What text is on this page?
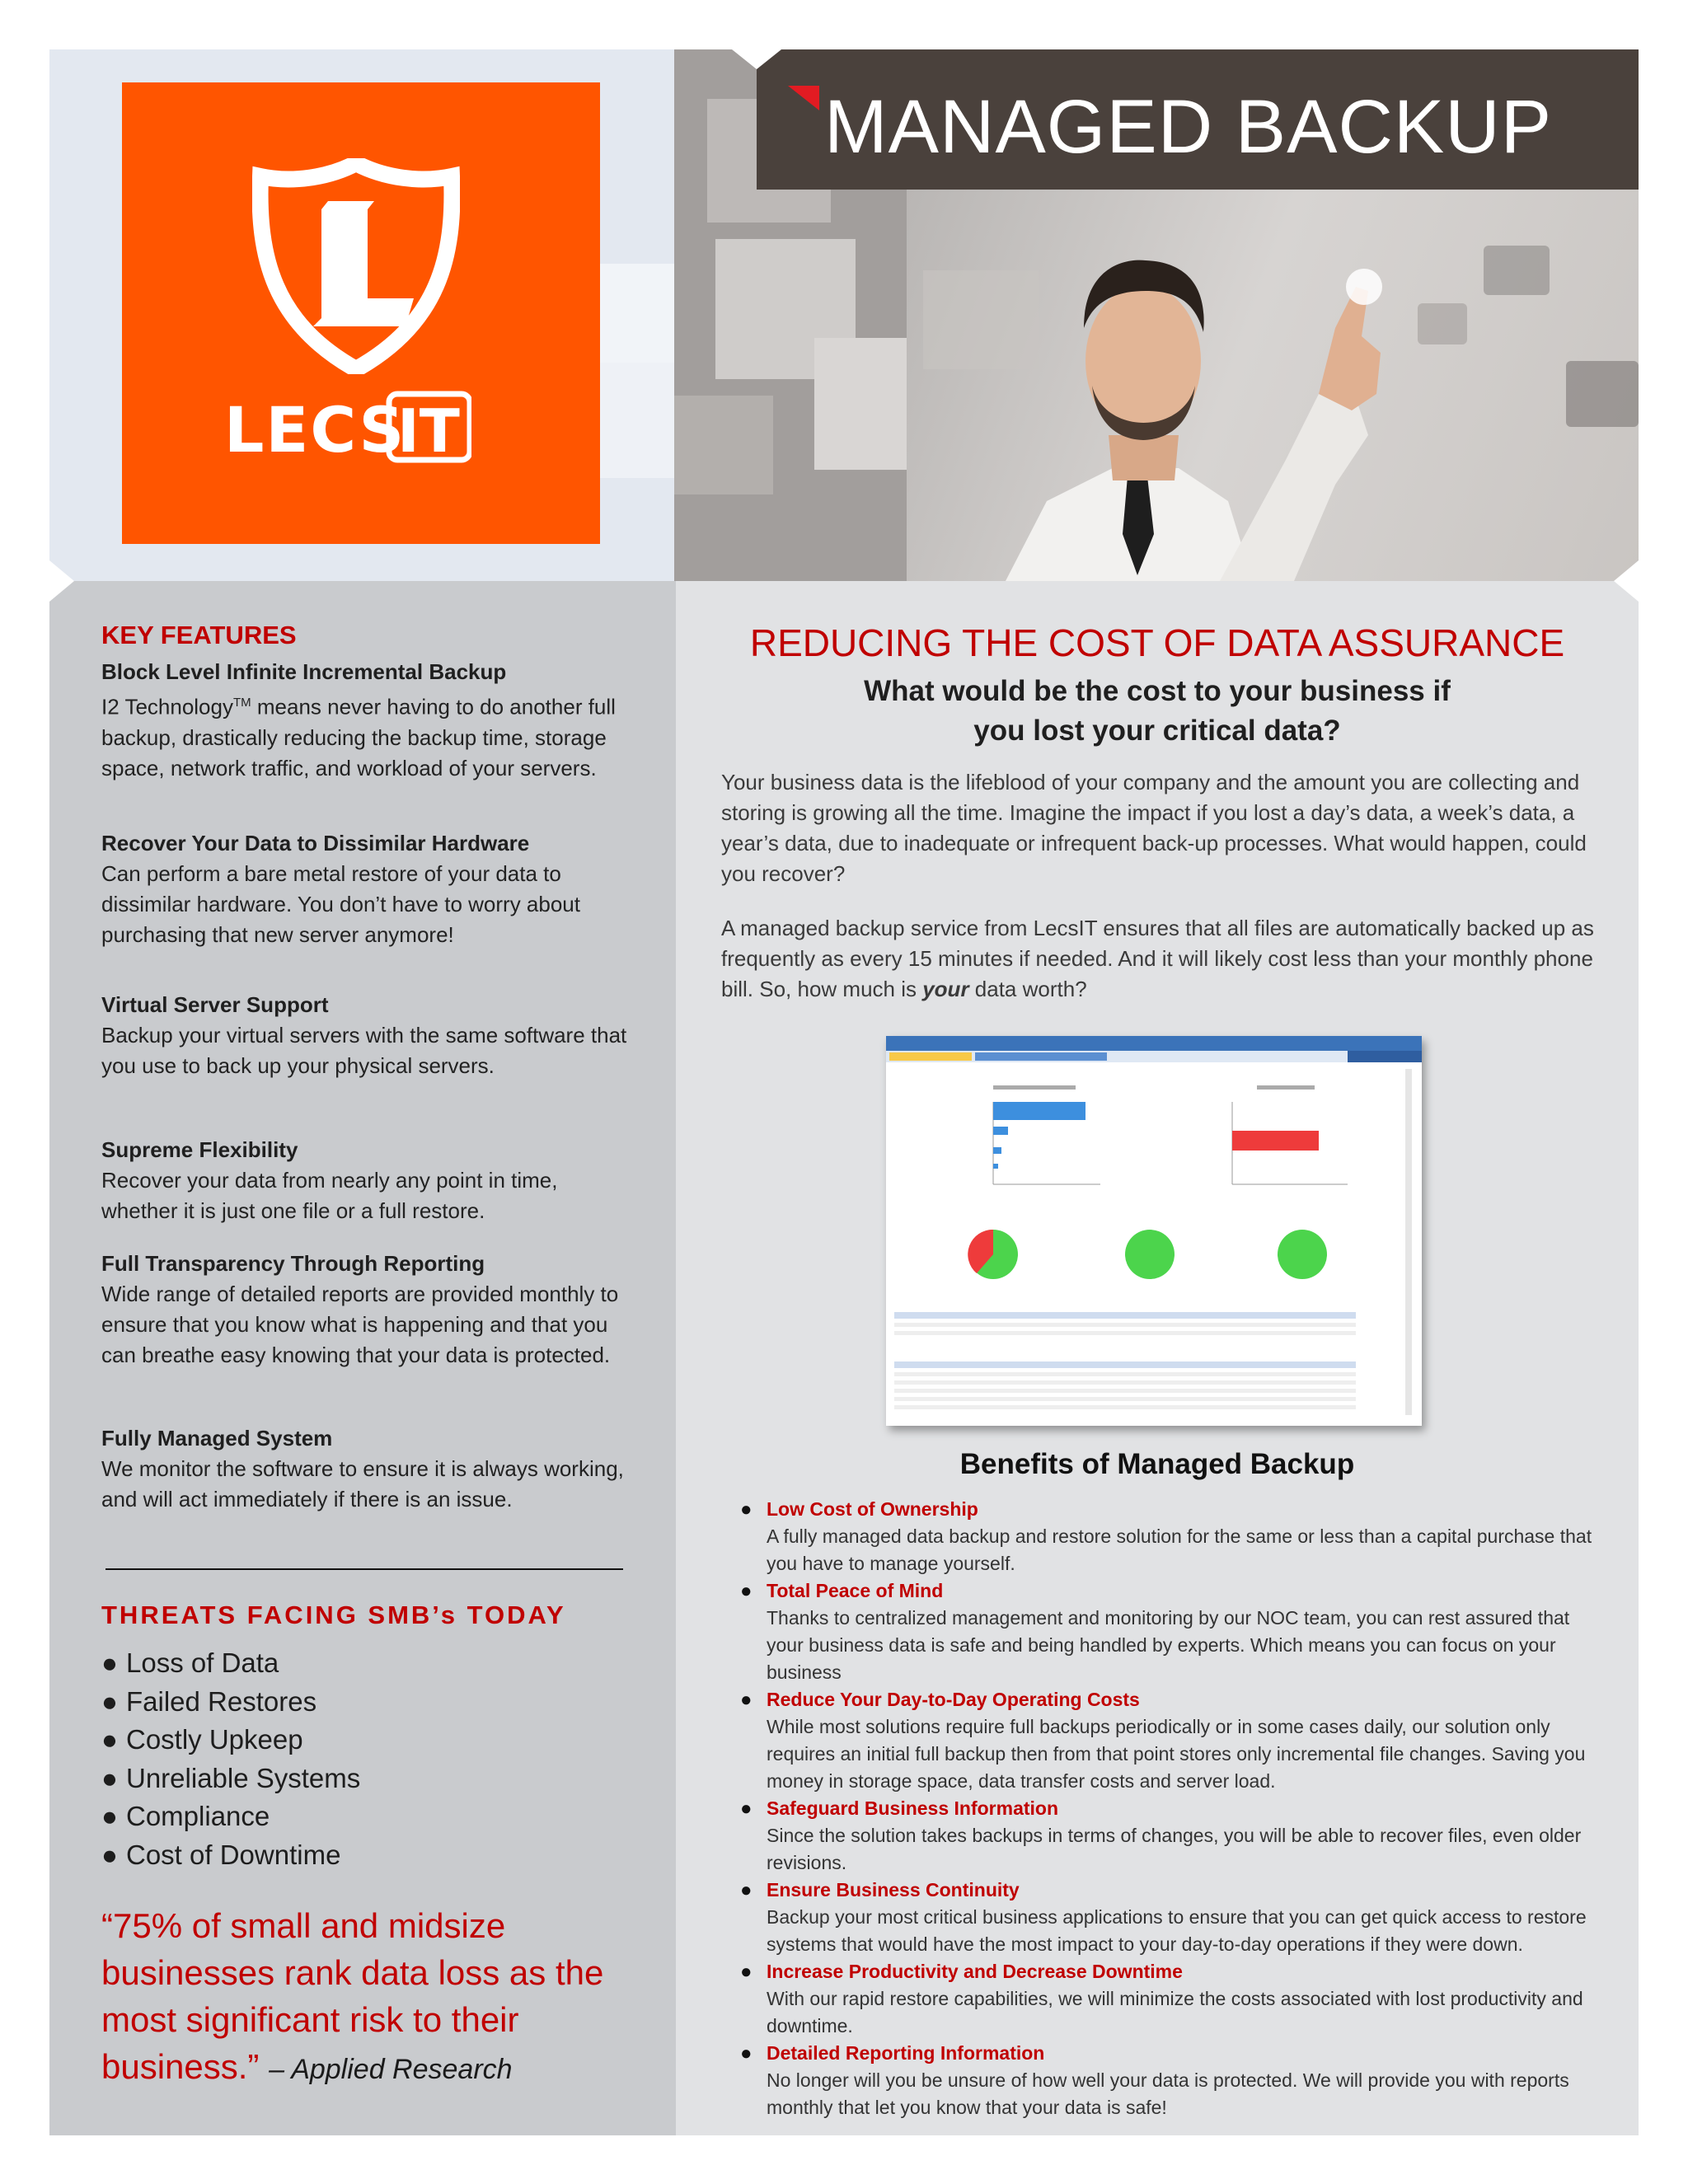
LECS
IT
MANAGED BACKUP
KEY FEATURES
Block Level Infinite Incremental Backup
I2 Technology™ means never having to do another full backup, drastically reducing the backup time, storage space, network traffic, and workload of your servers.
Recover Your Data to Dissimilar Hardware
Can perform a bare metal restore of your data to dissimilar hardware. You don’t have to worry about purchasing that new server anymore!
Virtual Server Support
Backup your virtual servers with the same software that you use to back up your physical servers.
Supreme Flexibility
Recover your data from nearly any point in time, whether it is just one file or a full restore.
Full Transparency Through Reporting
Wide range of detailed reports are provided monthly to ensure that you know what is happening and that you can breathe easy knowing that your data is protected.
Fully Managed System
We monitor the software to ensure it is always working, and will act immediately if there is an issue.
THREATS FACING SMB’s TODAY
● Loss of Data
● Failed Restores
● Costly Upkeep
● Unreliable Systems
● Compliance
● Cost of Downtime
“75% of small and midsize businesses rank data loss as the most significant risk to their business.” – Applied Research
REDUCING THE COST OF DATA ASSURANCE
What would be the cost to your business if
you lost your critical data?
Your business data is the lifeblood of your company and the amount you are collecting and storing is growing all the time. Imagine the impact if you lost a day’s data, a week’s data, a year’s data, due to inadequate or infrequent back-up processes. What would happen, could you recover?
A managed backup service from LecsIT ensures that all files are automatically backed up as frequently as every 15 minutes if needed. And it will likely cost less than your monthly phone bill. So, how much is your data worth?
Benefits of Managed Backup
● Low Cost of Ownership
A fully managed data backup and restore solution for the same or less than a capital purchase that you have to manage yourself.
● Total Peace of Mind
Thanks to centralized management and monitoring by our NOC team, you can rest assured that your business data is safe and being handled by experts. Which means you can focus on your business
● Reduce Your Day-to-Day Operating Costs
While most solutions require full backups periodically or in some cases daily, our solution only requires an initial full backup then from that point stores only incremental file changes. Saving you money in storage space, data transfer costs and server load.
● Safeguard Business Information
Since the solution takes backups in terms of changes, you will be able to recover files, even older revisions.
● Ensure Business Continuity
Backup your most critical business applications to ensure that you can get quick access to restore systems that would have the most impact to your day-to-day operations if they were down.
● Increase Productivity and Decrease Downtime
With our rapid restore capabilities, we will minimize the costs associated with lost productivity and downtime.
● Detailed Reporting Information
No longer will you be unsure of how well your data is protected. We will provide you with reports monthly that let you know that your data is safe!
